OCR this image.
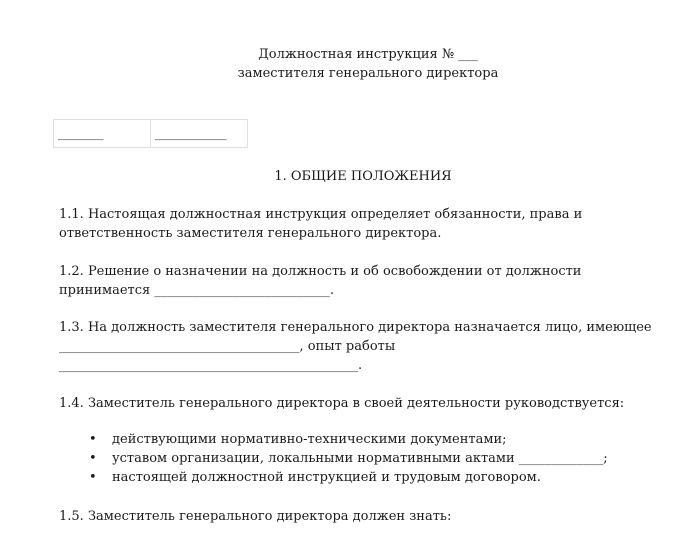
Должностная инструкция № ___
заместителя генерального директора
_______	___________
1. ОБЩИЕ ПОЛОЖЕНИЯ
1.1. Настоящая должностная инструкция определяет обязанности, права и
ответственность заместителя генерального директора.
1.2. Решение о назначении на должность и об освобождении от должности
принимается ___________________________.
1.3. На должность заместителя генерального директора назначается лицо, имеющее
_____________________________________, опыт работы
______________________________________________.
1.4. Заместитель генерального директора в своей деятельности руководствуется:
• действующими нормативно-техническими документами;
• уставом организации, локальными нормативными актами _____________;
• настоящей должностной инструкцией и трудовым договором.
1.5. Заместитель генерального директора должен знать:
